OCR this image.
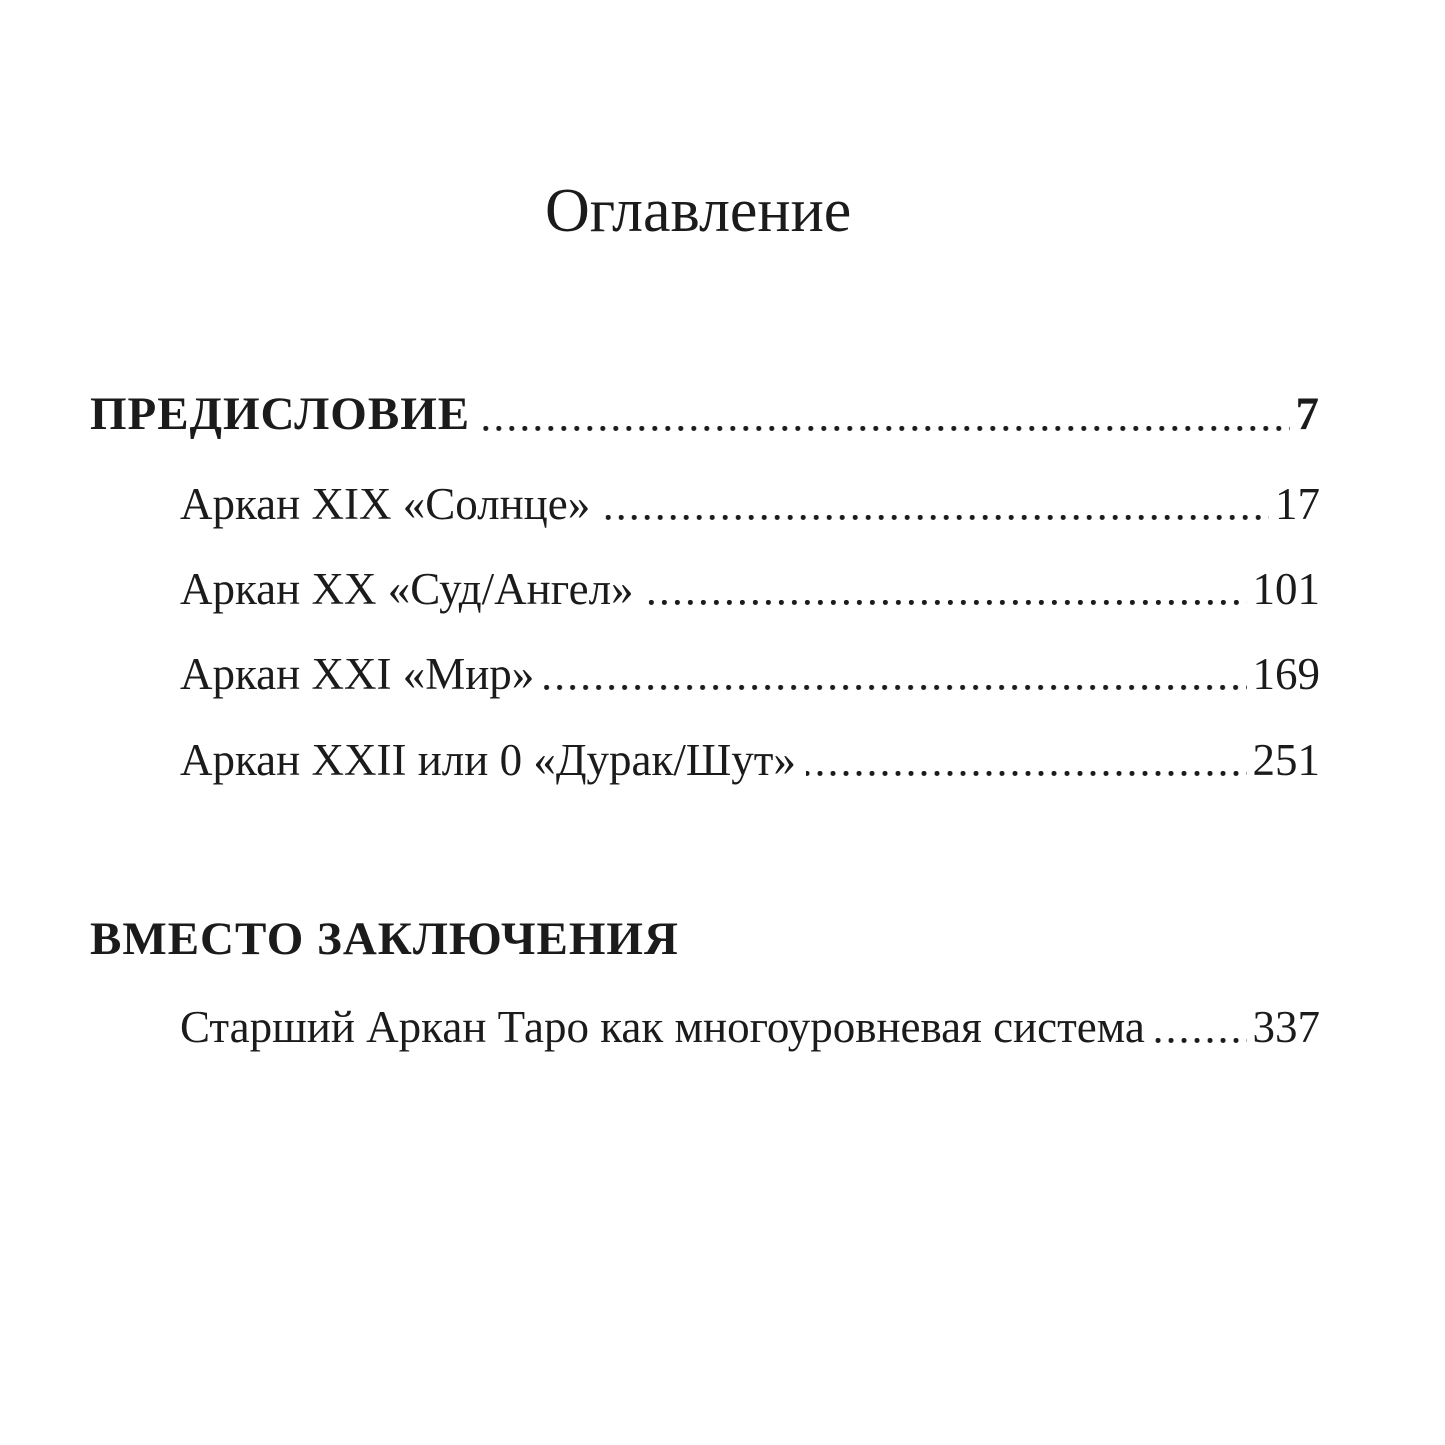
Оглавление
ПРЕДИСЛОВИЕ	7
Аркан XIX «Солнце»	17
Аркан XX «Суд/Ангел»	101
Аркан XXI «Мир»	169
Аркан XXII или 0 «Дурак/Шут»	251
ВМЕСТО ЗАКЛЮЧЕНИЯ
Старший Аркан Таро как многоуровневая система 337
